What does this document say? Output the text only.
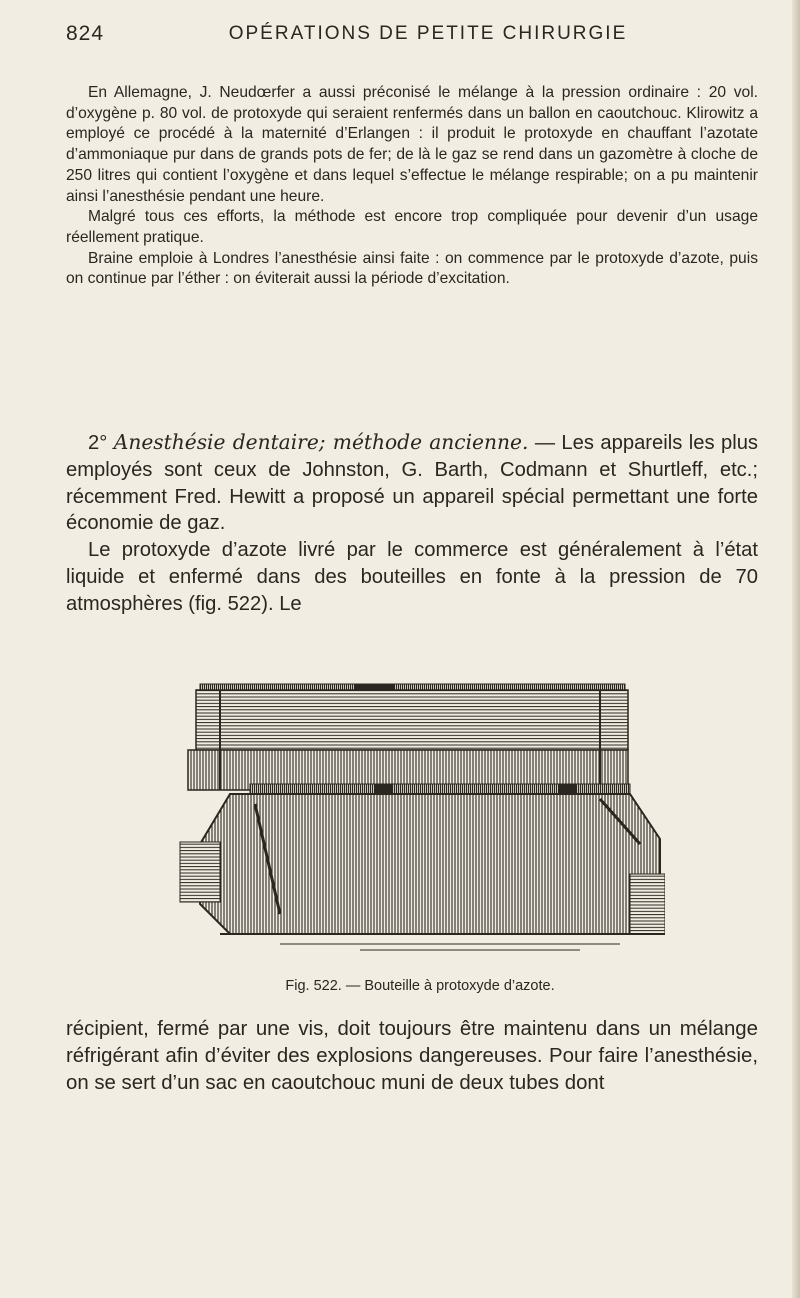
824	OPÉRATIONS DE PETITE CHIRURGIE

En Allemagne, J. Neudœrfer a aussi préconisé le mélange à la pression ordinaire : 20 vol. d’oxygène p. 80 vol. de protoxyde qui seraient renfermés dans un ballon en caoutchouc. Klirowitz a employé ce procédé à la maternité d’Erlangen : il produit le protoxyde en chauffant l’azotate d’ammoniaque pur dans de grands pots de fer; de là le gaz se rend dans un gazomètre à cloche de 250 litres qui contient l’oxygène et dans lequel s’effectue le mélange respirable; on a pu maintenir ainsi l’anesthésie pendant une heure.

Malgré tous ces efforts, la méthode est encore trop compliquée pour devenir d’un usage réellement pratique.

Braine emploie à Londres l’anesthésie ainsi faite : on commence par le protoxyde d’azote, puis on continue par l’éther : on éviterait aussi la période d’excitation.

2° Anesthésie dentaire; méthode ancienne. — Les appareils les plus employés sont ceux de Johnston, G. Barth, Codmann et Shurtleff, etc.; récemment Fred. Hewitt a proposé un appareil spécial permettant une forte économie de gaz.

Le protoxyde d’azote livré par le commerce est généralement à l’état liquide et enfermé dans des bouteilles en fonte à la pression de 70 atmosphères (fig. 522). Le

Fig. 522. — Bouteille à protoxyde d’azote.

récipient, fermé par une vis, doit toujours être maintenu dans un mélange réfrigérant afin d’éviter des explosions dangereuses. Pour faire l’anesthésie, on se sert d’un sac en caoutchouc muni de deux tubes dont
